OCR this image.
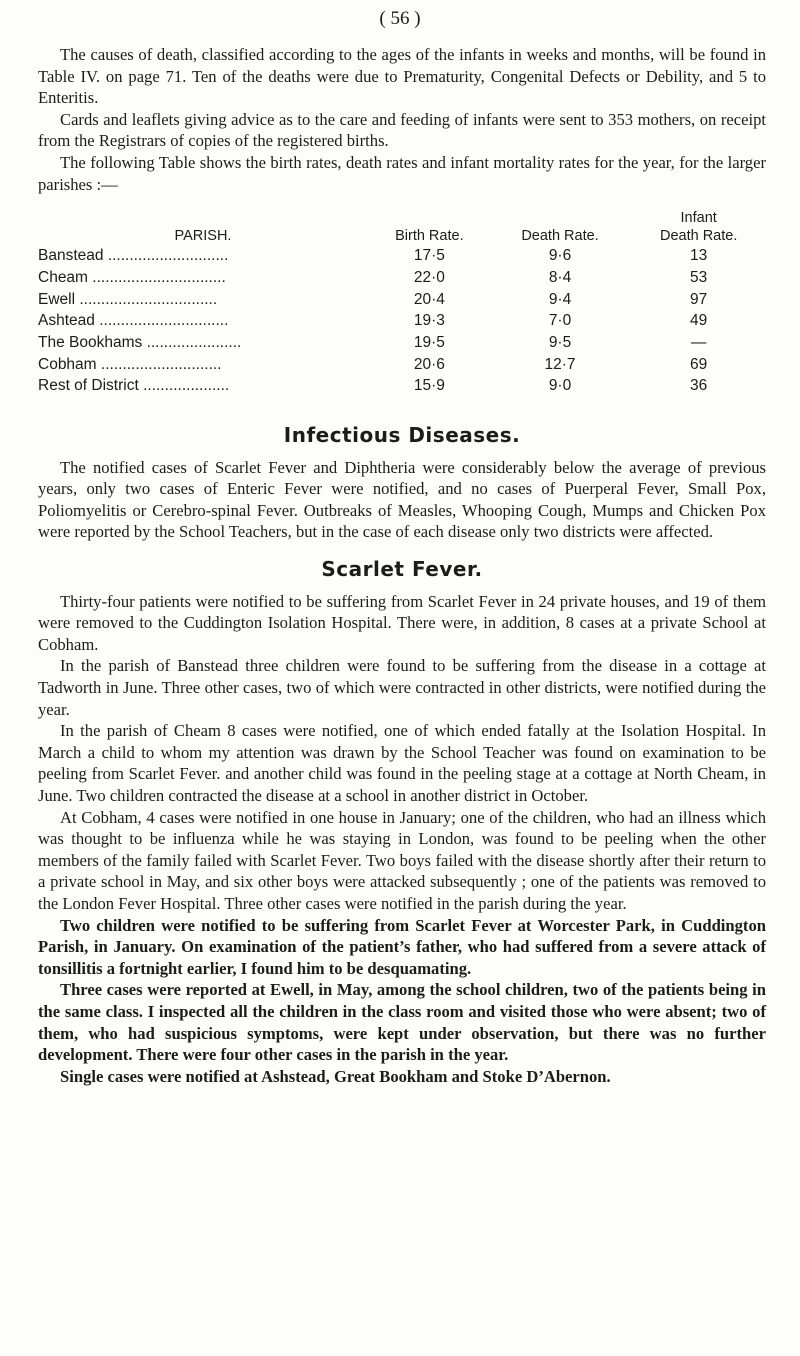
( 56 )

The causes of death, classified according to the ages of the infants in weeks and months, will be found in Table IV. on page 71. Ten of the deaths were due to Prematurity, Congenital Defects or Debility, and 5 to Enteritis.

Cards and leaflets giving advice as to the care and feeding of infants were sent to 353 mothers, on receipt from the Registrars of copies of the registered births.

The following Table shows the birth rates, death rates and infant mortality rates for the year, for the larger parishes :—

PARISH.	Birth Rate.	Death Rate.	Infant
Death Rate.
Banstead ............................	17·5	9·6	13
Cheam ...............................	22·0	8·4	53
Ewell ................................	20·4	9·4	97
Ashtead ..............................	19·3	7·0	49
The Bookhams ......................	19·5	9·5	—
Cobham ............................	20·6	12·7	69
Rest of District ....................	15·9	9·0	36
Infectious Diseases.

The notified cases of Scarlet Fever and Diphtheria were considerably below the average of previous years, only two cases of Enteric Fever were notified, and no cases of Puerperal Fever, Small Pox, Poliomyelitis or Cerebro-spinal Fever. Outbreaks of Measles, Whooping Cough, Mumps and Chicken Pox were reported by the School Teachers, but in the case of each disease only two districts were affected.

Scarlet Fever.

Thirty-four patients were notified to be suffering from Scarlet Fever in 24 private houses, and 19 of them were removed to the Cuddington Isolation Hospital. There were, in addition, 8 cases at a private School at Cobham.

In the parish of Banstead three children were found to be suffering from the disease in a cottage at Tadworth in June. Three other cases, two of which were contracted in other districts, were notified during the year.

In the parish of Cheam 8 cases were notified, one of which ended fatally at the Isolation Hospital. In March a child to whom my attention was drawn by the School Teacher was found on examination to be peeling from Scarlet Fever. and another child was found in the peeling stage at a cottage at North Cheam, in June. Two children contracted the disease at a school in another district in October.

At Cobham, 4 cases were notified in one house in January; one of the children, who had an illness which was thought to be influenza while he was staying in London, was found to be peeling when the other members of the family failed with Scarlet Fever. Two boys failed with the disease shortly after their return to a private school in May, and six other boys were attacked subsequently ; one of the patients was removed to the London Fever Hospital. Three other cases were notified in the parish during the year.

Two children were notified to be suffering from Scarlet Fever at Worcester Park, in Cuddington Parish, in January. On examination of the patient’s father, who had suffered from a severe attack of tonsillitis a fortnight earlier, I found him to be desquamating.

Three cases were reported at Ewell, in May, among the school children, two of the patients being in the same class. I inspected all the children in the class room and visited those who were absent; two of them, who had suspicious symptoms, were kept under observation, but there was no further development. There were four other cases in the parish in the year.

Single cases were notified at Ashstead, Great Bookham and Stoke D’Abernon.
